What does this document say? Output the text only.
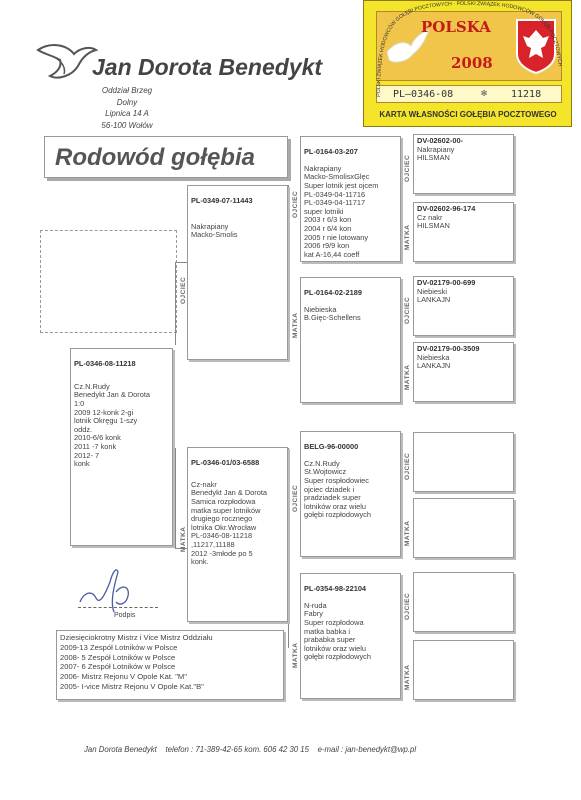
Jan Dorota Benedykt
Oddział Brzeg Dolny
Lipnica 14 A
56-100 Wołów
POLSKA
2008
PL—0346-08	✻ 11218
KARTA WŁASNOŚCI GOŁĘBIA POCZTOWEGO
POLSKI ZWIĄZEK HODOWCÓW GOŁĘBI POCZTOWYCH · POLSKI ZWIĄZEK HODOWCÓW GOŁĘBI POCZTOWYCH
Rodowód gołębia

PL-0346-08-11218

Cz.N.Rudy
Benedykt Jan & Dorota
1:0
2009 12-konk 2-gi
lotnik Okręgu 1-szy
oddz.
2010-6/6 konk
2011 -7 konk
2012- 7
konk

OJCIEC

PL-0349-07-11443

Nakrapiany
Macko-Smolis

MATKA

PL-0346-01/03-6588

Cz-nakr
Benedykt Jan & Dorota
Samica rozpłodowa
matka super lotników
drugiego rocznego
lotnika Okr.Wrocław
PL-0346-08-11218
,11217,11188
2012 -3młode po 5
konk.

OJCIEC

PL-0164-03-207

Nakrapiany
Macko-SmolisxGlęc
Super lotnik jest ojcem
PL-0349-04-11716
PL-0349-04-11717
super lotniki
2003 r 6/3 kon
2004 r 6/4 kon
2005 r nie lotowany
2006 r9/9 kon
kat A-16,44 coeff

MATKA

PL-0164-02-2189

Niebieska
B.Gięc-Schellens

OJCIEC

BELG-96-00000

Cz.N.Rudy
St.Wojtowicz
Super rospłodowiec
ojciec dziadek i
pradziadek super
lotników oraz wielu
gołębi rozpłodowych

MATKA

PL-0354-98-22104

N-ruda
Fabry
Super rozpłodowa
matka babka i
prababka super
lotników oraz wielu
gołębi rozpłodowych

OJCIEC
DV-02602-00-
Nakrapiany
HILSMAN
MATKA
DV-02602-96-174
Cz nakr
HILSMAN
OJCIEC
DV-02179-00-699
Niebieski
LANKAJN
MATKA
DV-02179-00-3509
Niebieska
LANKAJN
OJCIEC
MATKA
OJCIEC
MATKA
Podpis
Dziesięciokrotny Mistrz i Vice Mistrz Oddziału
2009-13 Zespół Lotników w Polsce
2008- 5 Zespół Lotników w Polsce
2007- 6 Zespół Lotników w Polsce
2006- Mistrz Rejonu V Opole Kat. "M"
2005- I-vice Mistrz Rejonu V Opole Kat."B"
Jan Dorota Benedykt    telefon : 71-389-42-65 kom. 606 42 30 15    e-mail : jan-benedykt@wp.pl
